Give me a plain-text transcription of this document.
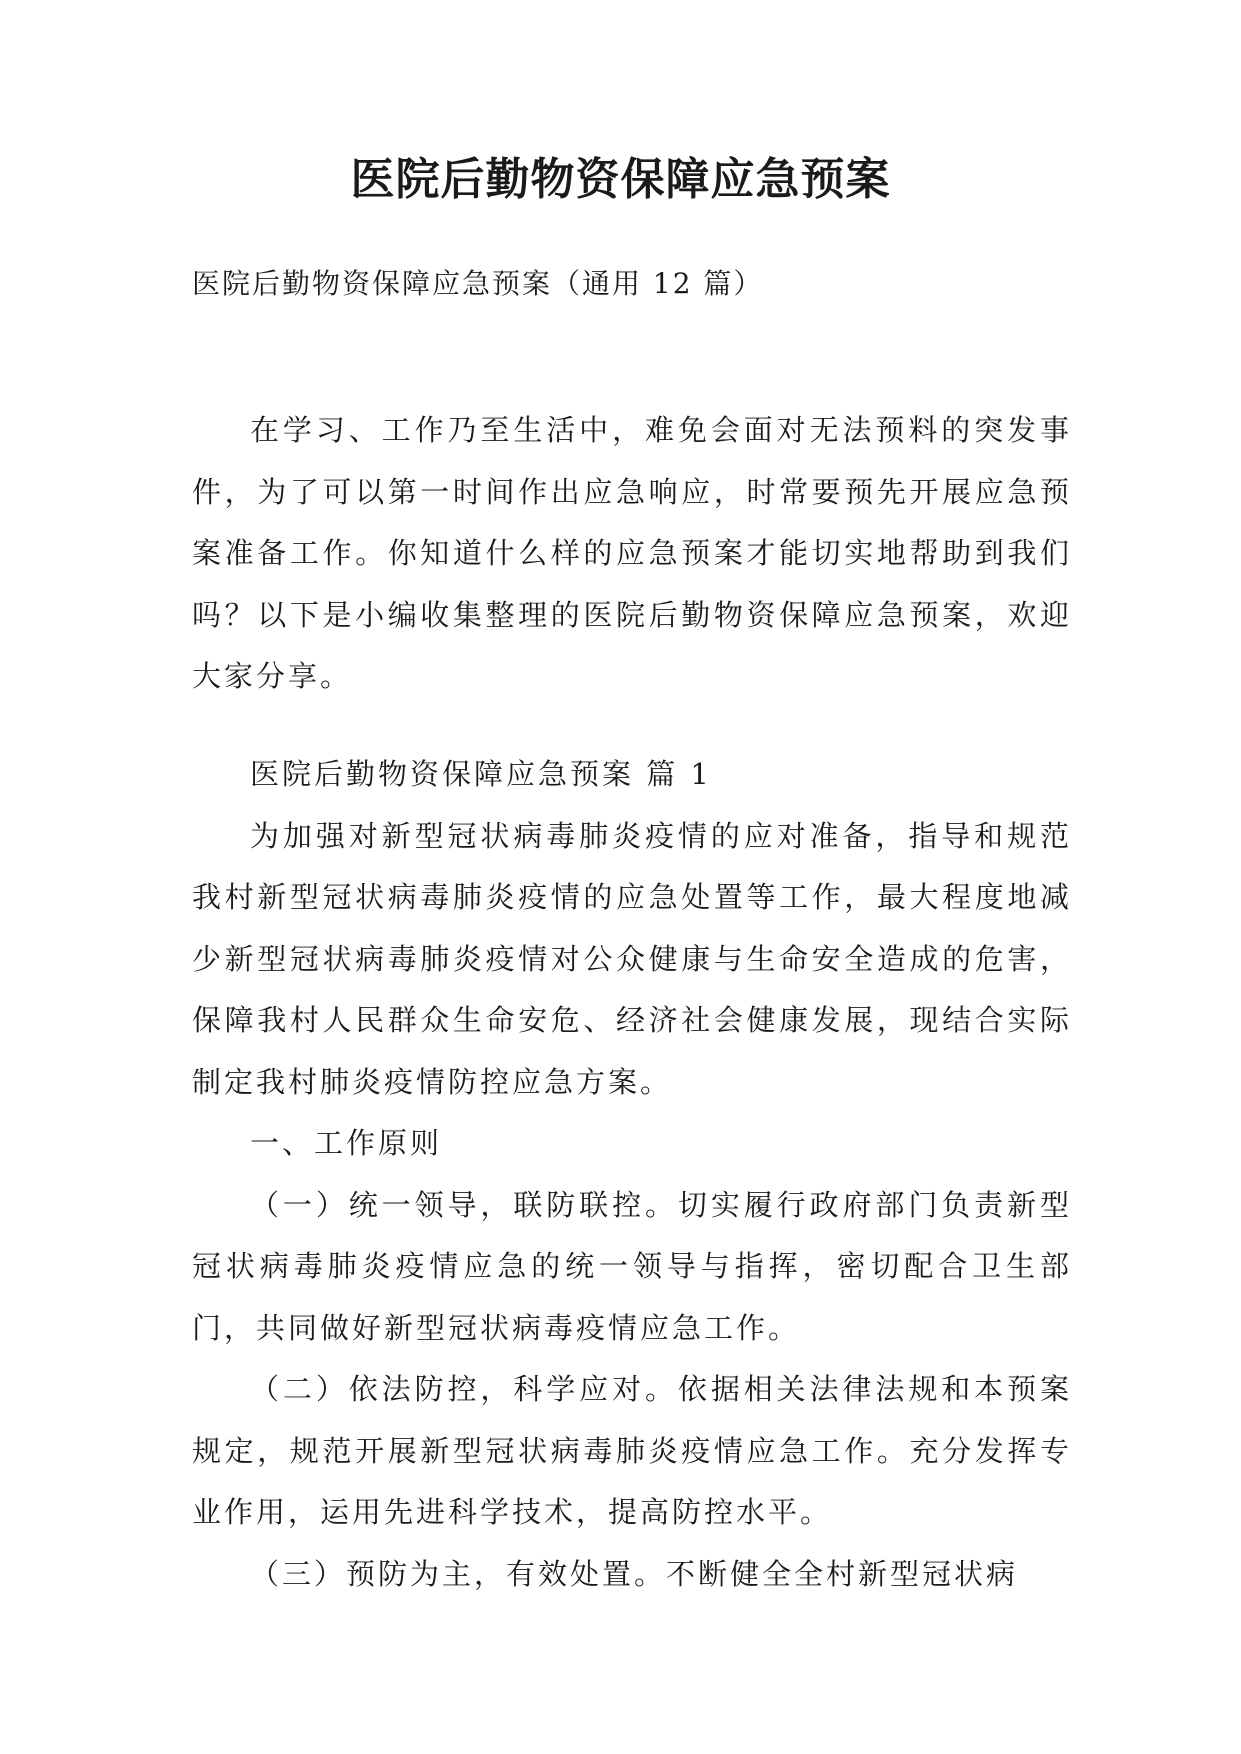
医院后勤物资保障应急预案
医院后勤物资保障应急预案（通用 12 篇）

在学习、工作乃至生活中，难免会面对无法预料的突发事件，为了可以第一时间作出应急响应，时常要预先开展应急预案准备工作。你知道什么样的应急预案才能切实地帮助到我们吗？以下是小编收集整理的医院后勤物资保障应急预案，欢迎大家分享。

医院后勤物资保障应急预案 篇 1

为加强对新型冠状病毒肺炎疫情的应对准备，指导和规范我村新型冠状病毒肺炎疫情的应急处置等工作，最大程度地减少新型冠状病毒肺炎疫情对公众健康与生命安全造成的危害，保障我村人民群众生命安危、经济社会健康发展，现结合实际制定我村肺炎疫情防控应急方案。

一、工作原则

（一）统一领导，联防联控。切实履行政府部门负责新型冠状病毒肺炎疫情应急的统一领导与指挥，密切配合卫生部门，共同做好新型冠状病毒疫情应急工作。

（二）依法防控，科学应对。依据相关法律法规和本预案规定，规范开展新型冠状病毒肺炎疫情应急工作。充分发挥专业作用，运用先进科学技术，提高防控水平。

（三）预防为主，有效处置。不断健全全村新型冠状病
